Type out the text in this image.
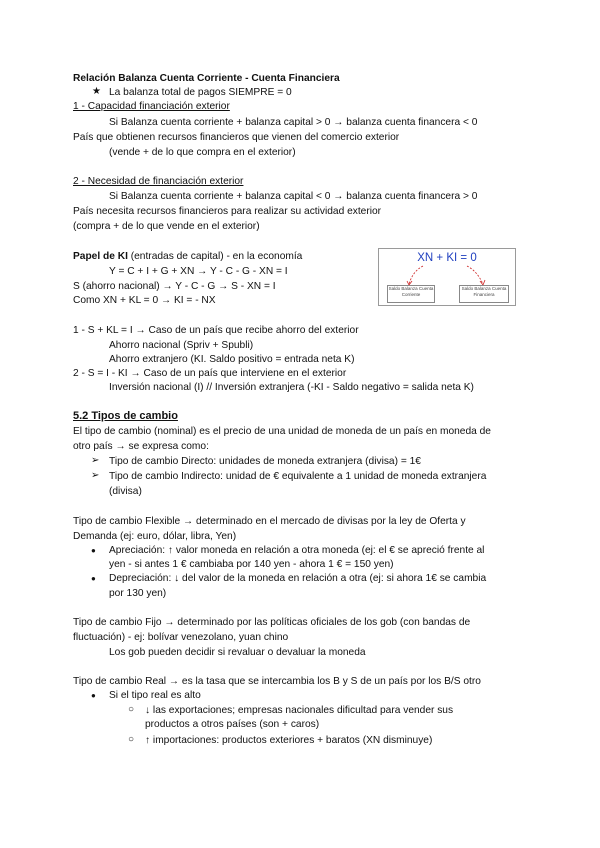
Relación Balanza Cuenta Corriente - Cuenta Financiera
★ La balanza total de pagos SIEMPRE = 0
1 - Capacidad financiación exterior
Si Balanza cuenta corriente + balanza capital > 0 → balanza cuenta financera < 0
País que obtienen recursos financieros que vienen del comercio exterior
(vende + de lo que compra en el exterior)
2 - Necesidad de financiación exterior
Si Balanza cuenta corriente + balanza capital < 0 → balanza cuenta financera > 0
País necesita recursos financieros para realizar su actividad exterior
(compra + de lo que vende en el exterior)
Papel de KI (entradas de capital) - en la economía
Y = C + I + G + XN → Y - C - G - XN = I
S (ahorro nacional) → Y - C - G → S - XN = I
Como XN + KL = 0 → KI = - NX
XN + KI = 0
Saldo Balanza Cuenta Corriente
Saldo Balanza Cuenta Financiera
1 - S + KL = I → Caso de un país que recibe ahorro del exterior
Ahorro nacional (Spriv + Spubli)
Ahorro extranjero (KI. Saldo positivo = entrada neta K)
2 - S = I - KI → Caso de un país que interviene en el exterior
Inversión nacional (I) // Inversión extranjera (-KI - Saldo negativo = salida neta K)
5.2 Tipos de cambio
El tipo de cambio (nominal) es el precio de una unidad de moneda de un país en moneda de
otro país → se expresa como:
➢ Tipo de cambio Directo: unidades de moneda extranjera (divisa) = 1€
➢ Tipo de cambio Indirecto: unidad de € equivalente a 1 unidad de moneda extranjera
(divisa)
Tipo de cambio Flexible → determinado en el mercado de divisas por la ley de Oferta y
Demanda (ej: euro, dólar, libra, Yen)
● Apreciación: ↑ valor moneda en relación a otra moneda (ej: el € se apreció frente al
yen - si antes 1 € cambiaba por 140 yen - ahora 1 € = 150 yen)
● Depreciación: ↓ del valor de la moneda en relación a otra (ej: si ahora 1€ se cambia
por 130 yen)
Tipo de cambio Fijo → determinado por las políticas oficiales de los gob (con bandas de
fluctuación) - ej: bolívar venezolano, yuan chino
Los gob pueden decidir si revaluar o devaluar la moneda
Tipo de cambio Real → es la tasa que se intercambia los B y S de un país por los B/S otro
● Si el tipo real es alto
○ ↓ las exportaciones; empresas nacionales dificultad para vender sus
productos a otros países (son + caros)
○ ↑ importaciones: productos exteriores + baratos (XN disminuye)
